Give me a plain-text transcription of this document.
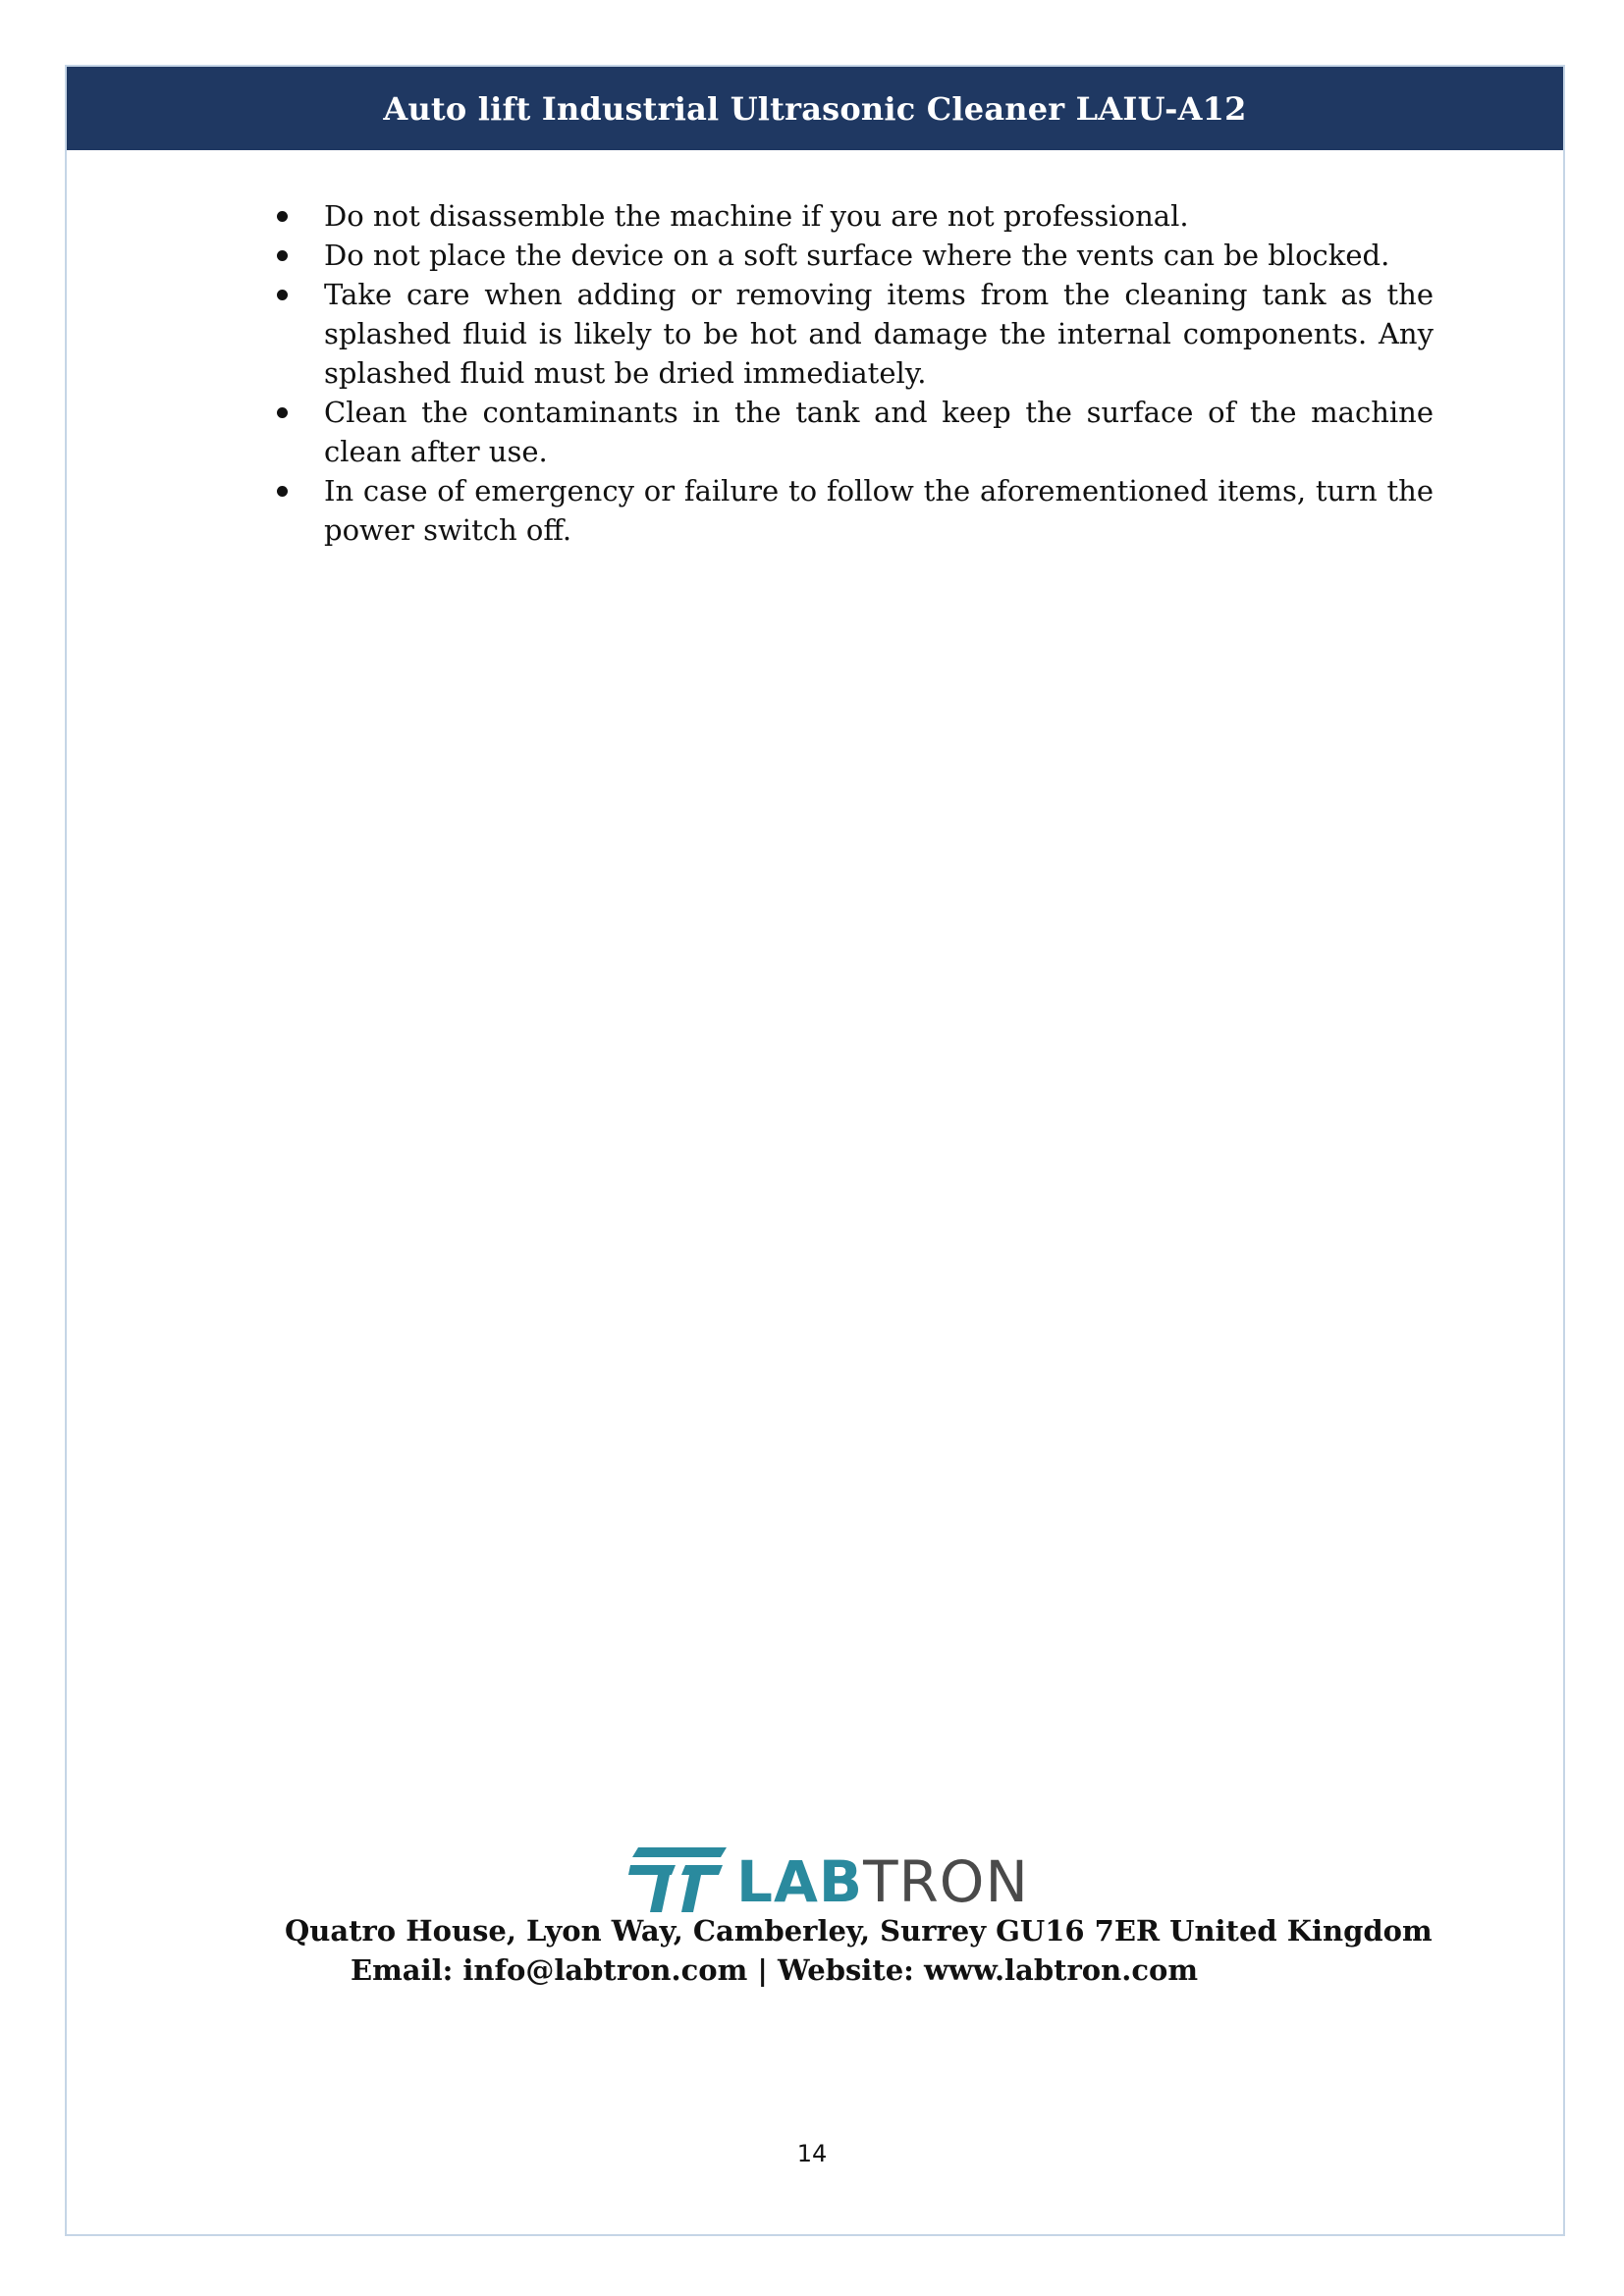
Auto lift Industrial Ultrasonic Cleaner LAIU-A12
Do not disassemble the machine if you are not professional.
Do not place the device on a soft surface where the vents can be blocked.
Take care when adding or removing items from the cleaning tank as the splashed fluid is likely to be hot and damage the internal components. Any splashed fluid must be dried immediately.
Clean the contaminants in the tank and keep the surface of the machine clean after use.
In case of emergency or failure to follow the aforementioned items, turn the power switch off.
LABTRON
Quatro House, Lyon Way, Camberley, Surrey GU16 7ER United Kingdom
Email: info@labtron.com | Website: www.labtron.com
14
